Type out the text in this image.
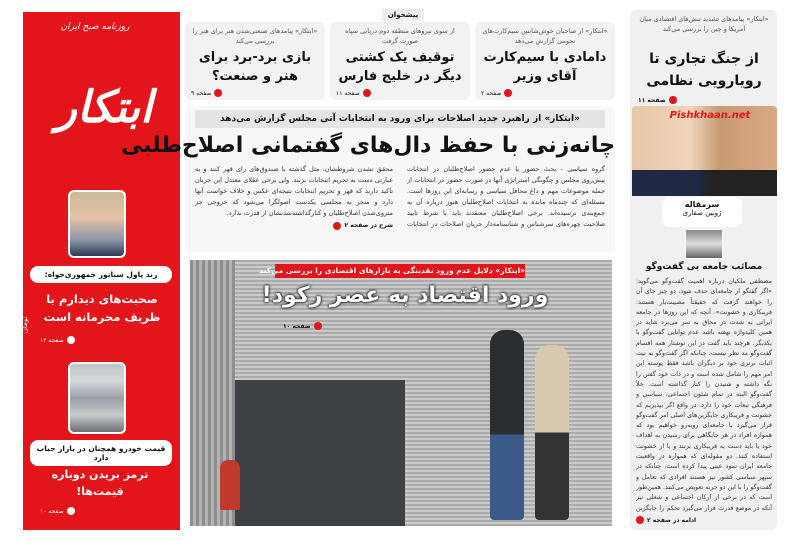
روزنامه صبح ایران
ابتکار
دوشنبه ۲۸ مرداد ۱۳۹۸ - ۲۰ ذی‌الحجه ۱۴۴۰ - ۱۹ آگوست ۲۰۱۹ - سال شانزدهم - شماره ۴۲۴۴ - ۱۲ صفحه - ۲۰۰۰ تومان
رند پاول سناتور جمهوری‌خواه:
صحبت‌های دیدارم با ظریف محرمانه است
صفحه ۱۲
قیمت خودرو همچنان در بازار حباب دارد
ترمز بریدن دوباره قیمت‌ها!
صفحه ۱۰
پیشخوان
«ابتکار» از صاحبان خوش‌شانس سیم‌کارت‌های نجومی گزارش می‌دهد
دامادی با سیم‌کارت آقای وزیر
صفحه ۲
از سوی نیروهای منطقه دوم دریایی سپاه صورت گرفت
توقیف یک کشتی دیگر در خلیج فارس
صفحه ۱۱
«ابتکار» پیامدهای صنعتی‌شدن هنر برای هنر را بررسی می‌کند
بازی برد-برد برای هنر و صنعت؟
صفحه ۹
«ابتکار» از راهبرد جدید اصلاحات برای ورود به انتخابات آتی مجلس گزارش می‌دهد
چانه‌زنی با حفظ دال‌های گفتمانی اصلاح‌طلبی
گروه سیاسی - بحث حضور یا عدم حضور اصلاح‌طلبان در انتخابات پیش‌روی مجلس و چگونگی استراتژی آنها در صورت حضور در انتخابات از جمله موضوعات مهم و داغ محافل سیاسی و رسانه‌ای این روزها است. مسئله‌ای که چندماه مانده به انتخابات اصلاح‌طلبان هنوز درباره آن به جمع‌بندی نرسیده‌اند. برخی اصلاح‌طلبان معتقدند باید با شرط تایید صلاحیت چهره‌های سرشناس و شناسنامه‌دار جریان اصلاحات در انتخابات
محقق نشدن شروطشان، مثل گذشته با صندوق‌های رای قهر کنند و به عبارتی دست به تحریم انتخابات بزنند. ولی برخی عقلای معتدل این جریان تاکید دارند که قهر و تحریم انتخابات نتیجه‌ای عکس و خلاف خواست آنها دارد و منجر به مجلسی یکدست اصولگرا می‌شود که خروجی جز منزوی‌شدن اصلاح‌طلبان و کنارگذاشته‌شدنشان از قدرت ندارد.
شرح در صفحه ۲
«ابتکار» دلایل عدم ورود نقدینگی به بازارهای اقتصادی را بررسی می‌کند
ورود اقتصاد به عصر رکود!
صفحه ۱۰
«ابتکار» پیامدهای تشدید تنش‌های اقتصادی میان آمریکا و چین را بررسی می‌کند
از جنگ تجاری تا رویارویی نظامی
صفحه ۱۱
Pishkhaan.net
سرمقاله
ژوبین صفاری
مصائب جامعه بی گفت‌وگو
مصطفی ملکیان درباره اهمیت گفت‌وگو می‌گوید: «اگر گفتگو از جامعه‌ای حذف شود، دو چیز جای آن را خواهند گرفت که حقیقتاً مصیبت‌بار هستند: فریبکاری و خشونت». آنچه که این روزها در جامعه ایرانی به شدت در محاق به سر می‌برد شاید در همین کلیدواژه نهفته باشد عدم توانایی گفت‌وگو با یکدیگر. هرچند باید گفت در این نوشتار همه اقسام گفت‌وگو مد نظر نیست. چنانکه اگر گفت‌وگو به نیت اثبات برتری خود بر دیگران باشد فقط پوسته این امر مهم را شامل شده است و در ذات خود گفتن را نگه داشته و شنیدن را کنار گذاشته است. خلأ گفت‌وگو البته در تمام شئون اجتماعی، سیاسی و فرهنگی تبعات خود را دارد. در واقع اگر بپذیریم که خشونت و فریبکاری جایگزین‌های اصلی امر گفت‌وگو قرار می‌گیرد با جامعه‌ای روبه‌رو خواهیم بود که همواره افراد در هر جایگاهی برای رسیدن به اهداف خود یا باید دست به فریبکاری بزنند و یا از خشونت استفاده کنند. دو مقوله‌ای که همواره در واقعیت جامعه ایران نمود عینی پیدا کرده است. چنانکه در سپهر سیاسی کشور نیز هستند افرادی که تعامل و گفت‌وگو را با این دو حربه تعویض می‌کنند. همین‌طور است که در برخی از ارکان اجتماعی و شغلی نیز آنکه در موضع قدرت قرار می‌گیرد تحکم را جایگزین
ادامه در صفحه ۲
